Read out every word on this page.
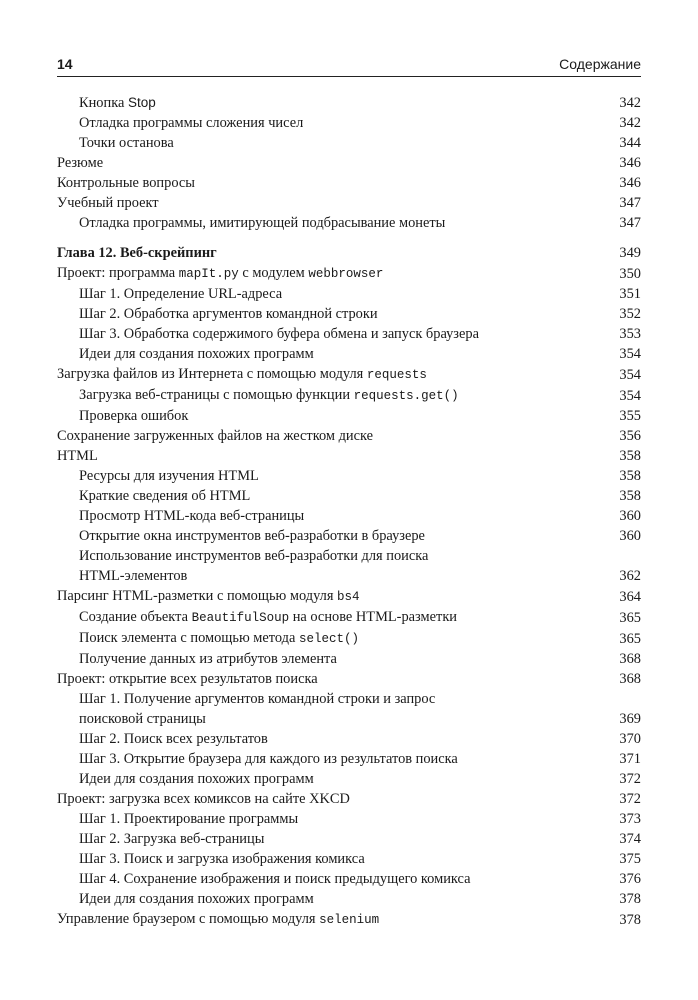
14	Содержание
Кнопка Stop	342
Отладка программы сложения чисел	342
Точки останова	344
Резюме	346
Контрольные вопросы	346
Учебный проект	347
Отладка программы, имитирующей подбрасывание монеты	347
Глава 12. Веб-скрейпинг	349
Проект: программа mapIt.py с модулем webbrowser	350
Шаг 1. Определение URL-адреса	351
Шаг 2. Обработка аргументов командной строки	352
Шаг 3. Обработка содержимого буфера обмена и запуск браузера	353
Идеи для создания похожих программ	354
Загрузка файлов из Интернета с помощью модуля requests	354
Загрузка веб-страницы с помощью функции requests.get()	354
Проверка ошибок	355
Сохранение загруженных файлов на жестком диске	356
HTML	358
Ресурсы для изучения HTML	358
Краткие сведения об HTML	358
Просмотр HTML-кода веб-страницы	360
Открытие окна инструментов веб-разработки в браузере	360
Использование инструментов веб-разработки для поиска
HTML-элементов	362
Парсинг HTML-разметки с помощью модуля bs4	364
Создание объекта BeautifulSoup на основе HTML-разметки	365
Поиск элемента с помощью метода select()	365
Получение данных из атрибутов элемента	368
Проект: открытие всех результатов поиска	368
Шаг 1. Получение аргументов командной строки и запрос
поисковой страницы	369
Шаг 2. Поиск всех результатов	370
Шаг 3. Открытие браузера для каждого из результатов поиска	371
Идеи для создания похожих программ	372
Проект: загрузка всех комиксов на сайте XKCD	372
Шаг 1. Проектирование программы	373
Шаг 2. Загрузка веб-страницы	374
Шаг 3. Поиск и загрузка изображения комикса	375
Шаг 4. Сохранение изображения и поиск предыдущего комикса	376
Идеи для создания похожих программ	378
Управление браузером с помощью модуля selenium	378
